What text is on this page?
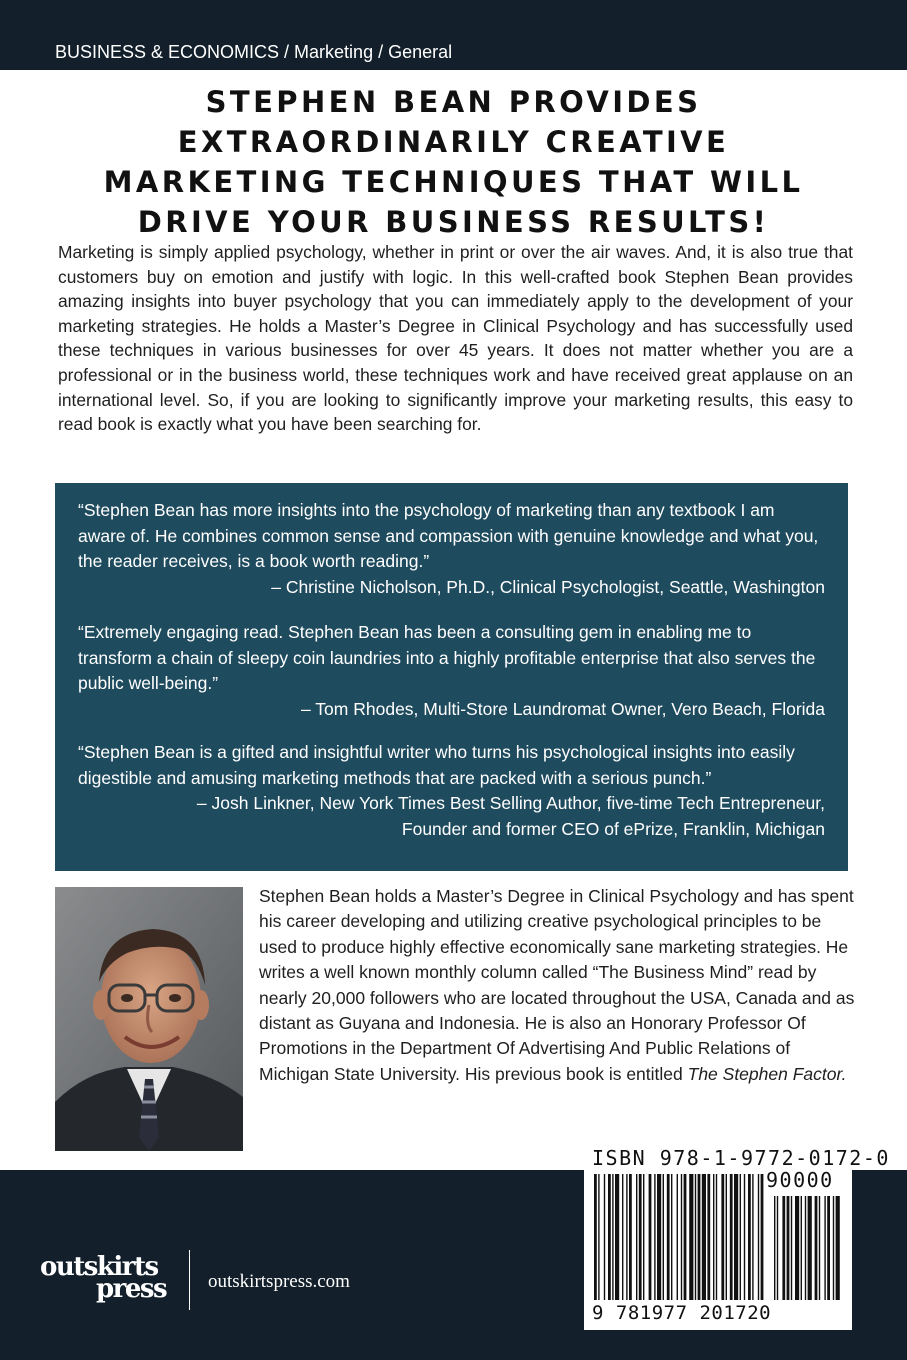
BUSINESS & ECONOMICS / Marketing / General
STEPHEN BEAN PROVIDES
EXTRAORDINARILY CREATIVE
MARKETING TECHNIQUES THAT WILL
DRIVE YOUR BUSINESS RESULTS!

Marketing is simply applied psychology, whether in print or over the air waves. And, it is also true that customers buy on emotion and justify with logic. In this well-crafted book Stephen Bean provides amazing insights into buyer psychology that you can immediately apply to the development of your marketing strategies. He holds a Master’s Degree in Clinical Psychology and has successfully used these techniques in various businesses for over 45 years. It does not matter whether you are a professional or in the business world, these techniques work and have received great applause on an international level. So, if you are looking to significantly improve your marketing results, this easy to read book is exactly what you have been searching for.

“Stephen Bean has more insights into the psychology of marketing than any textbook I am aware of. He combines common sense and compassion with genuine knowledge and what you, the reader receives, is a book worth reading.”
– Christine Nicholson, Ph.D., Clinical Psychologist, Seattle, Washington
“Extremely engaging read. Stephen Bean has been a consulting gem in enabling me to transform a chain of sleepy coin laundries into a highly profitable enterprise that also serves the public well-being.”
– Tom Rhodes, Multi-Store Laundromat Owner, Vero Beach, Florida
“Stephen Bean is a gifted and insightful writer who turns his psychological insights into easily digestible and amusing marketing methods that are packed with a serious punch.”
– Josh Linkner, New York Times Best Selling Author, five-time Tech Entrepreneur,
Founder and former CEO of ePrize, Franklin, Michigan

Stephen Bean holds a Master’s Degree in Clinical Psychology and has spent his career developing and utilizing creative psychological principles to be used to produce highly effective economically sane marketing strategies. He writes a well known monthly column called “The Business Mind” read by nearly 20,000 followers who are located throughout the USA, Canada and as distant as Guyana and Indonesia. He is also an Honorary Professor Of Promotions in the Department Of Advertising And Public Relations of Michigan State University. His previous book is entitled The Stephen Factor.

outskirts
press outskirtspress.com
ISBN 978-1-9772-0172-0
90000
9 781977 201720
